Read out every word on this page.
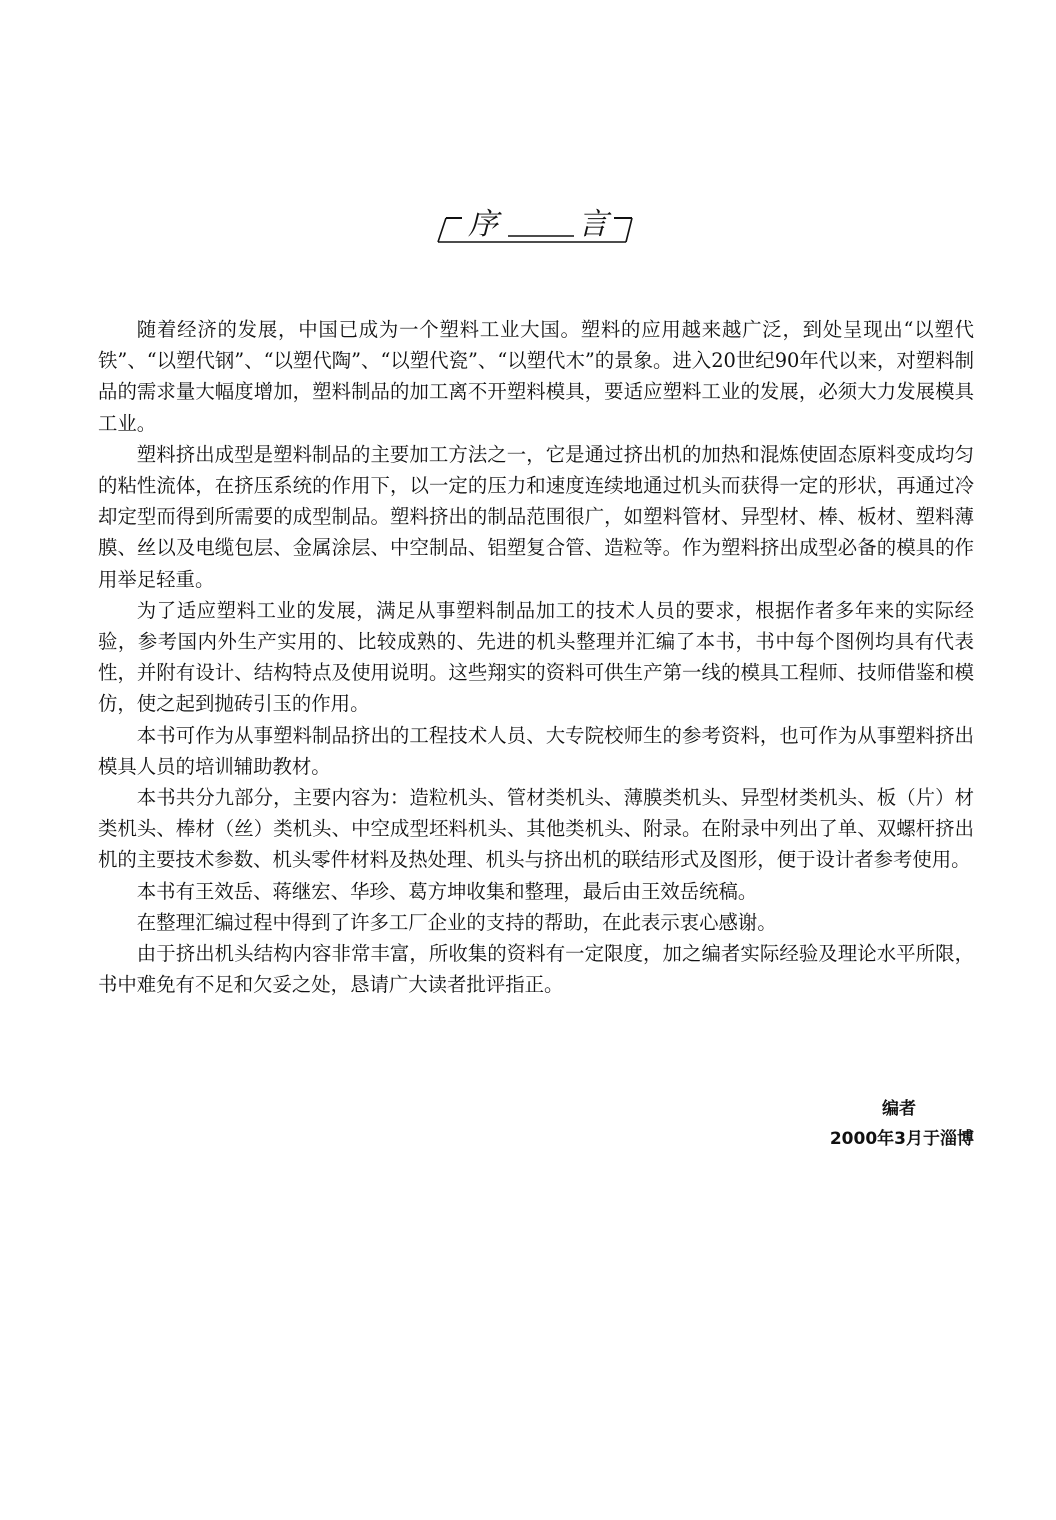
序	言

随着经济的发展，中国已成为一个塑料工业大国。塑料的应用越来越广泛，到处呈现出“以塑代铁”、“以塑代钢”、“以塑代陶”、“以塑代瓷”、“以塑代木”的景象。进入20世纪90年代以来，对塑料制品的需求量大幅度增加，塑料制品的加工离不开塑料模具，要适应塑料工业的发展，必须大力发展模具工业。

塑料挤出成型是塑料制品的主要加工方法之一，它是通过挤出机的加热和混炼使固态原料变成均匀的粘性流体，在挤压系统的作用下，以一定的压力和速度连续地通过机头而获得一定的形状，再通过冷却定型而得到所需要的成型制品。塑料挤出的制品范围很广，如塑料管材、异型材、棒、板材、塑料薄膜、丝以及电缆包层、金属涂层、中空制品、铝塑复合管、造粒等。作为塑料挤出成型必备的模具的作用举足轻重。

为了适应塑料工业的发展，满足从事塑料制品加工的技术人员的要求，根据作者多年来的实际经验，参考国内外生产实用的、比较成熟的、先进的机头整理并汇编了本书，书中每个图例均具有代表性，并附有设计、结构特点及使用说明。这些翔实的资料可供生产第一线的模具工程师、技师借鉴和模仿，使之起到抛砖引玉的作用。

本书可作为从事塑料制品挤出的工程技术人员、大专院校师生的参考资料，也可作为从事塑料挤出模具人员的培训辅助教材。

本书共分九部分，主要内容为：造粒机头、管材类机头、薄膜类机头、异型材类机头、板（片）材类机头、棒材（丝）类机头、中空成型坯料机头、其他类机头、附录。在附录中列出了单、双螺杆挤出机的主要技术参数、机头零件材料及热处理、机头与挤出机的联结形式及图形，便于设计者参考使用。

本书有王效岳、蒋继宏、华珍、葛方坤收集和整理，最后由王效岳统稿。

在整理汇编过程中得到了许多工厂企业的支持的帮助，在此表示衷心感谢。

由于挤出机头结构内容非常丰富，所收集的资料有一定限度，加之编者实际经验及理论水平所限，书中难免有不足和欠妥之处，恳请广大读者批评指正。

编者
2000年3月于淄博
